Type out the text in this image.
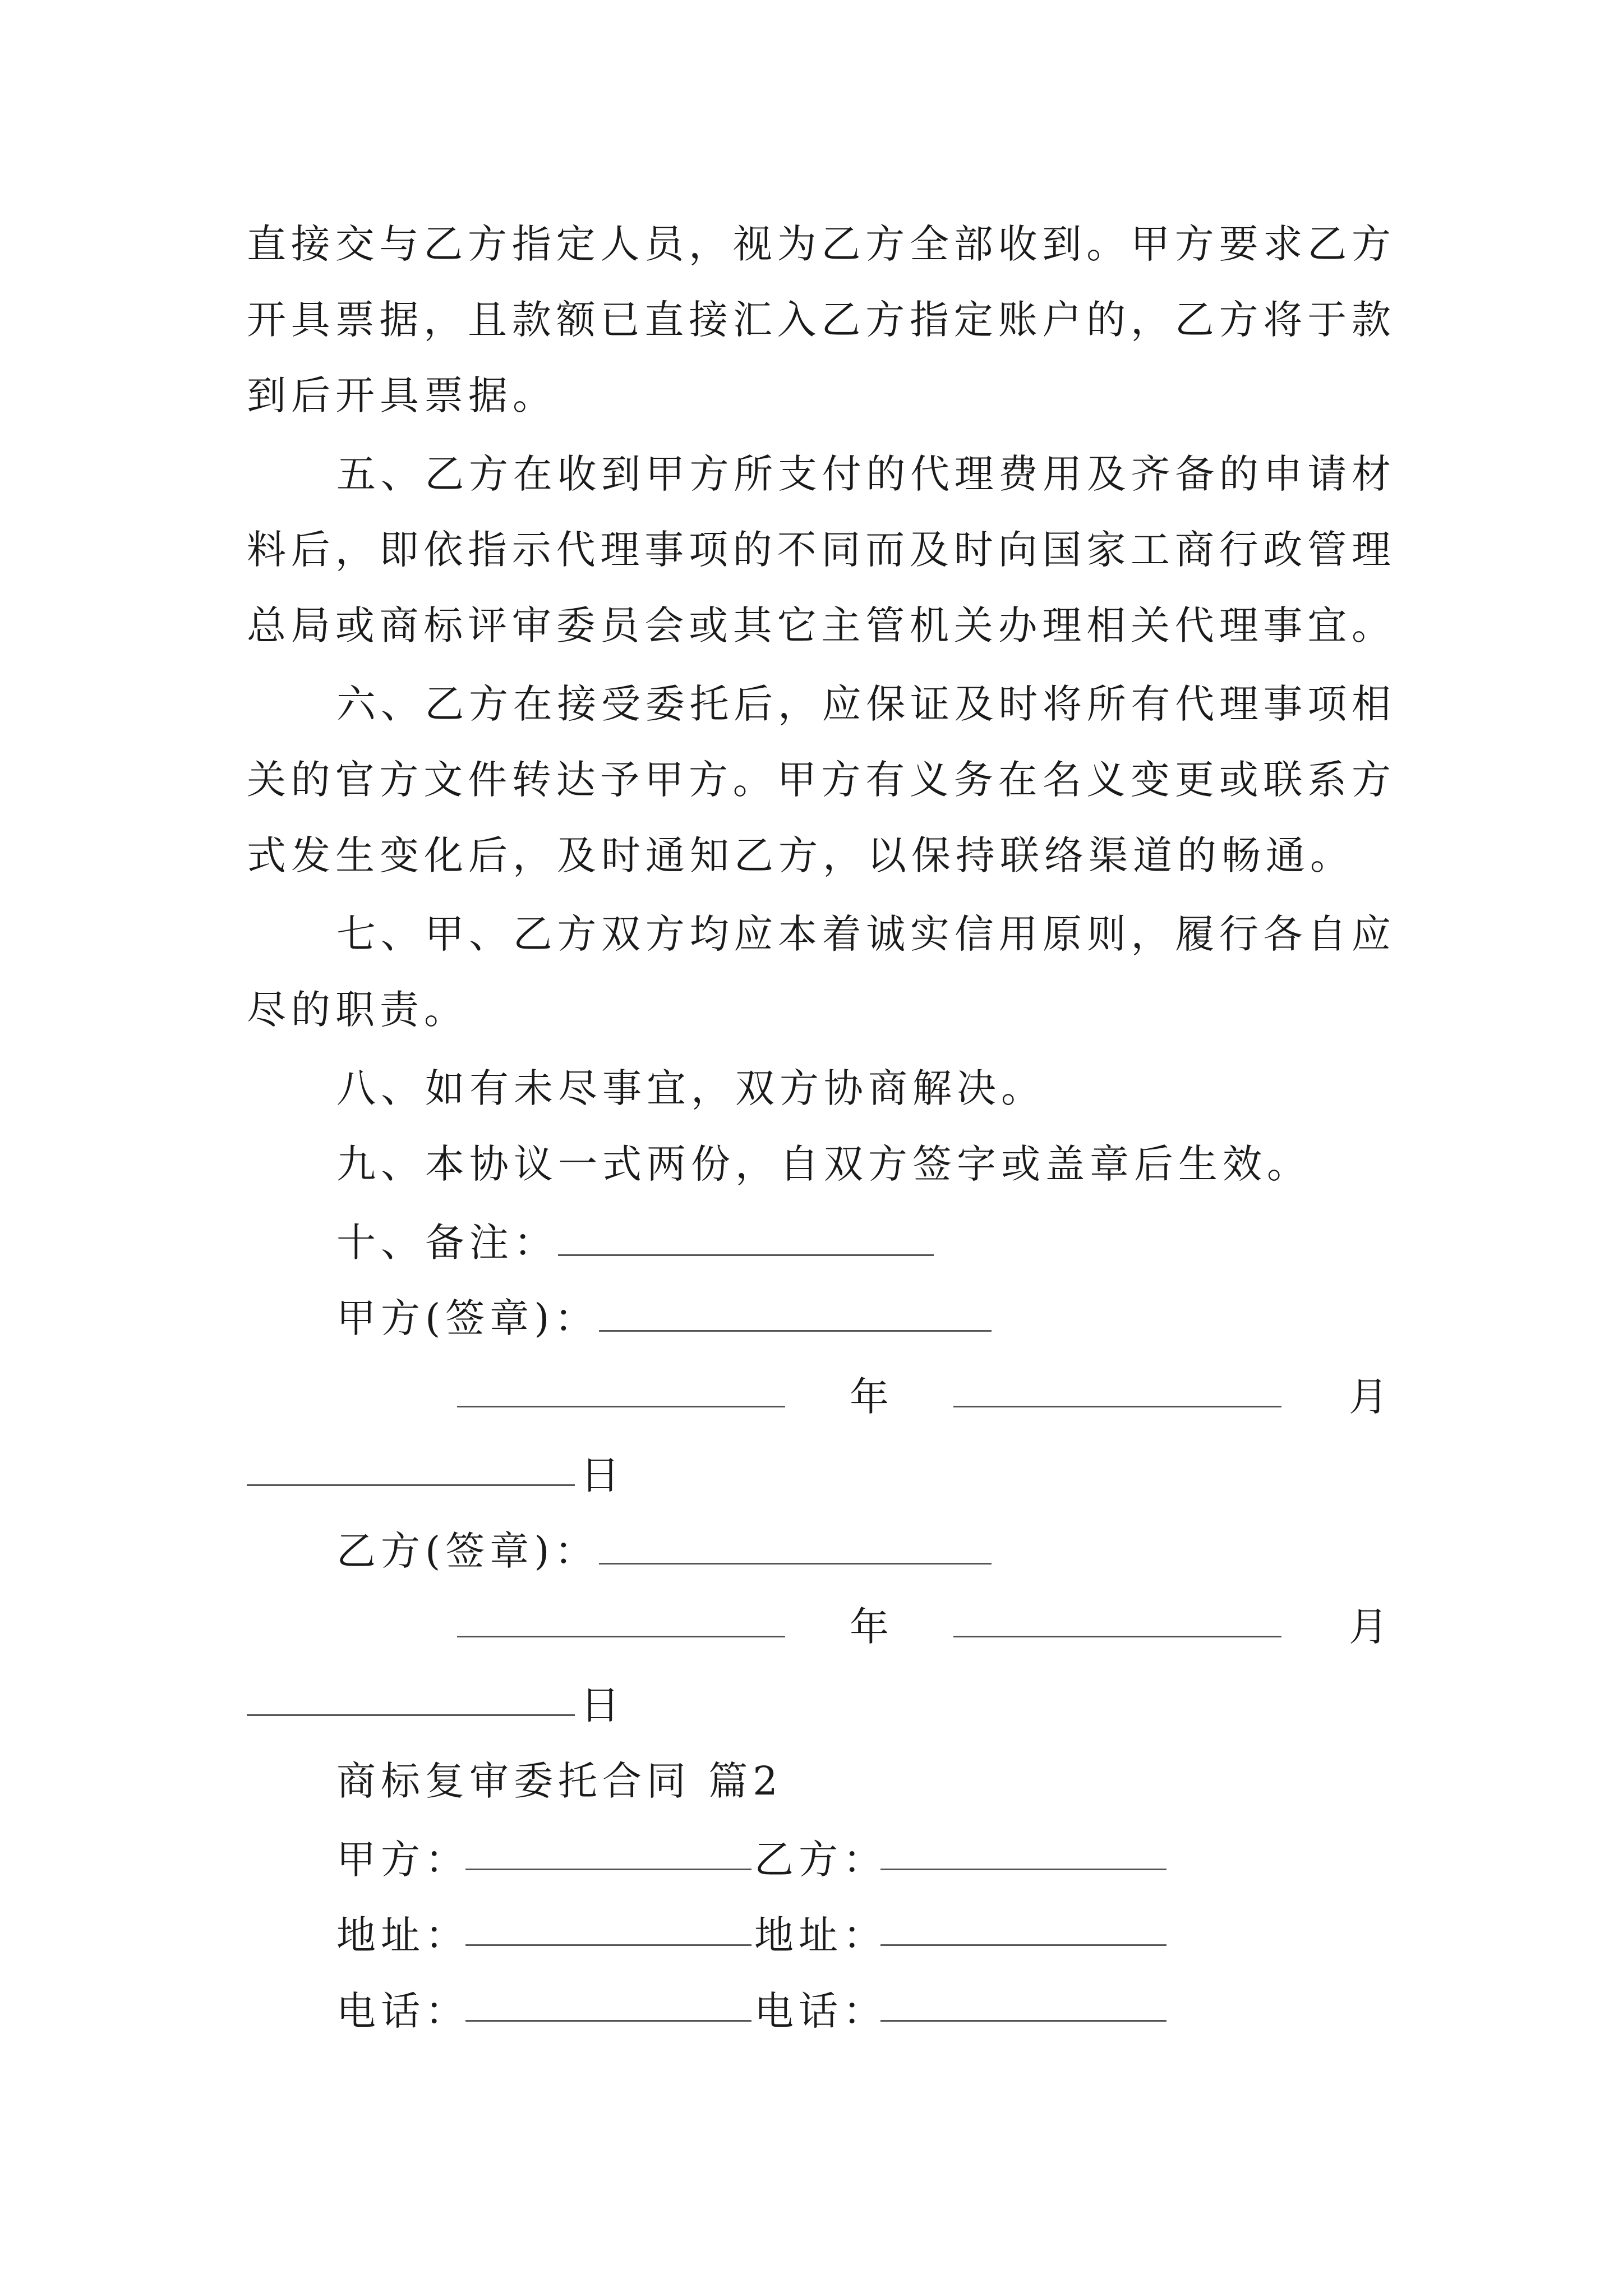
直接交与乙方指定人员，视为乙方全部收到。甲方要求乙方
开具票据，且款额已直接汇入乙方指定账户的，乙方将于款
到后开具票据。
五、乙方在收到甲方所支付的代理费用及齐备的申请材
料后，即依指示代理事项的不同而及时向国家工商行政管理
总局或商标评审委员会或其它主管机关办理相关代理事宜。
六、乙方在接受委托后，应保证及时将所有代理事项相
关的官方文件转达予甲方。甲方有义务在名义变更或联系方
式发生变化后，及时通知乙方，以保持联络渠道的畅通。
七、甲、乙方双方均应本着诚实信用原则，履行各自应
尽的职责。
八、如有未尽事宜，双方协商解决。
九、本协议一式两份，自双方签字或盖章后生效。
十、备注：
甲方(签章)：
年	月
日
乙方(签章)：
年	月
日
商标复审委托合同 篇2
甲方：	乙方：
地址：	地址：
电话：	电话：
